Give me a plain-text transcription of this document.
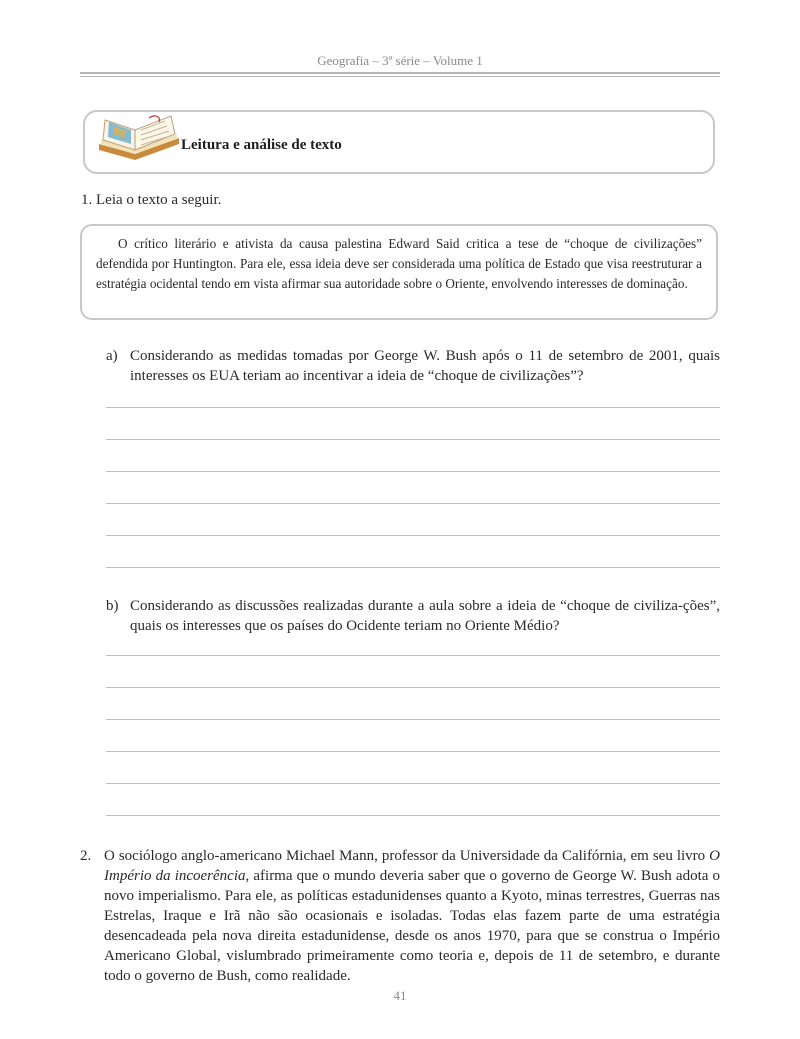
Geografia – 3ª série – Volume 1
Leitura e análise de texto
1. Leia o texto a seguir.

O crítico literário e ativista da causa palestina Edward Said critica a tese de “choque de civilizações” defendida por Huntington. Para ele, essa ideia deve ser considerada uma política de Estado que visa reestruturar a estratégia ocidental tendo em vista afirmar sua autoridade sobre o Oriente, envolvendo interesses de dominação.

a) Considerando as medidas tomadas por George W. Bush após o 11 de setembro de 2001, quais interesses os EUA teriam ao incentivar a ideia de “choque de civilizações”?
b) Considerando as discussões realizadas durante a aula sobre a ideia de “choque de civiliza-ções”, quais os interesses que os países do Ocidente teriam no Oriente Médio?
2. O sociólogo anglo-americano Michael Mann, professor da Universidade da Califórnia, em seu livro O Império da incoerência, afirma que o mundo deveria saber que o governo de George W. Bush adota o novo imperialismo. Para ele, as políticas estadunidenses quanto a Kyoto, minas terrestres, Guerras nas Estrelas, Iraque e Irã não são ocasionais e isoladas. Todas elas fazem parte de uma estratégia desencadeada pela nova direita estadunidense, desde os anos 1970, para que se construa o Império Americano Global, vislumbrado primeiramente como teoria e, depois de 11 de setembro, e durante todo o governo de Bush, como realidade.
41
